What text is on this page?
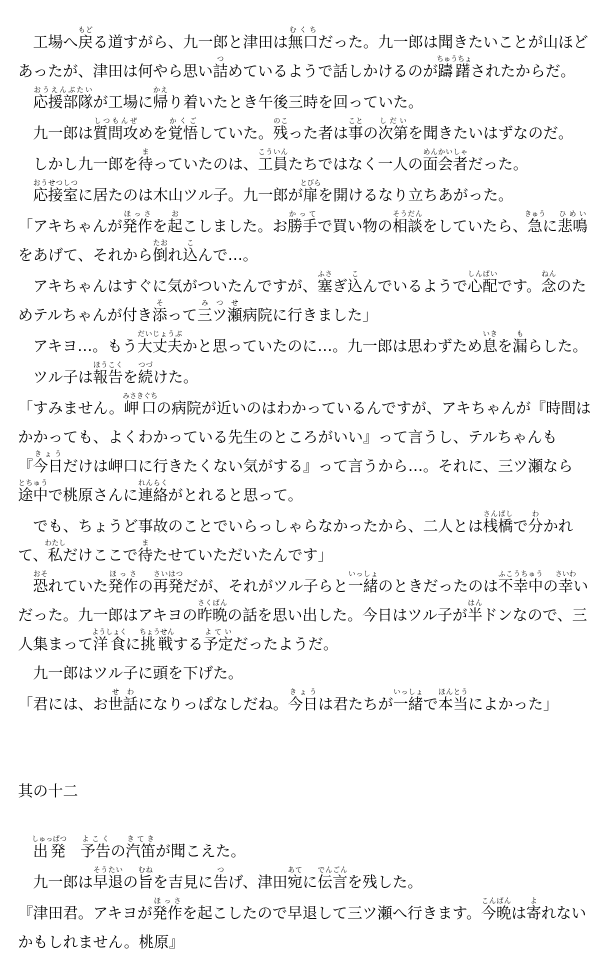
　工場へ戻もどる道すがら、九一郎と津田は無口むくちだった。九一郎は聞きたいことが山ほどあったが、津田は何やら思い詰つめているようで話しかけるのが躊躇ちゅうちょされたからだ。

　応援部隊おうえんぶたいが工場に帰かえり着いたとき午後三時を回っていた。

　九一郎は質問攻しつもんぜめを覚悟かくごしていた。残のこった者は事ことの次第しだいを聞きたいはずなのだ。

　しかし九一郎を待まっていたのは、工員こういんたちではなく一人の面会者めんかいしゃだった。

　応接室おうせつしつに居たのは木山ツル子。九一郎が扉とびらを開けるなり立ちあがった。

「アキちゃんが発作ほっさを起おこしました。お勝手かってで買い物の相談そうだんをしていたら、急きゅうに悲鳴ひめいをあげて、それから倒たおれ込こんで…。

　アキちゃんはすぐに気がついたんですが、塞ふさぎ込こんでいるようで心配しんぱいです。念ねんのためテルちゃんが付き添そって三ツ瀬みつせ病院に行きました」

　アキヨ…。もう大丈夫だいじょうぶかと思っていたのに…。九一郎は思わずため息いきを漏もらした。

　ツル子は報告ほうこくを続つづけた。

「すみません。岬口みさきぐちの病院が近いのはわかっているんですが、アキちゃんが『時間はかかっても、よくわかっている先生のところがいい』って言うし、テルちゃんも『今日きょうだけは岬口に行きたくない気がする』って言うから…。それに、三ツ瀬なら途中とちゅうで桃原さんに連絡れんらくがとれると思って。

　でも、ちょうど事故のことでいらっしゃらなかったから、二人とは桟橋さんばしで分わかれて、私わたしだけここで待またせていただいたんです」

　恐おそれていた発作ほっさの再発さいはつだが、それがツル子らと一緒いっしょのときだったのは不幸中ふこうちゅうの幸さいわいだった。九一郎はアキヨの昨晩さくばんの話を思い出した。今日はツル子が半はんドンなので、三人集まって洋食ようしょくに挑戦ちょうせんする予定よていだったようだ。

　九一郎はツル子に頭を下げた。

「君には、お世話せわになりっぱなしだね。今日きょうは君たちが一緒いっしょで本当ほんとうによかった」

其の十二

　出発しゅっぱつ　予告よこくの汽笛きてきが聞こえた。

　九一郎は早退そうたいの旨むねを吉見に告つげ、津田宛あてに伝言でんごんを残した。

『津田君。アキヨが発作ほっさを起こしたので早退して三ツ瀬へ行きます。今晩こんばんは寄よれないかもしれません。桃原』
